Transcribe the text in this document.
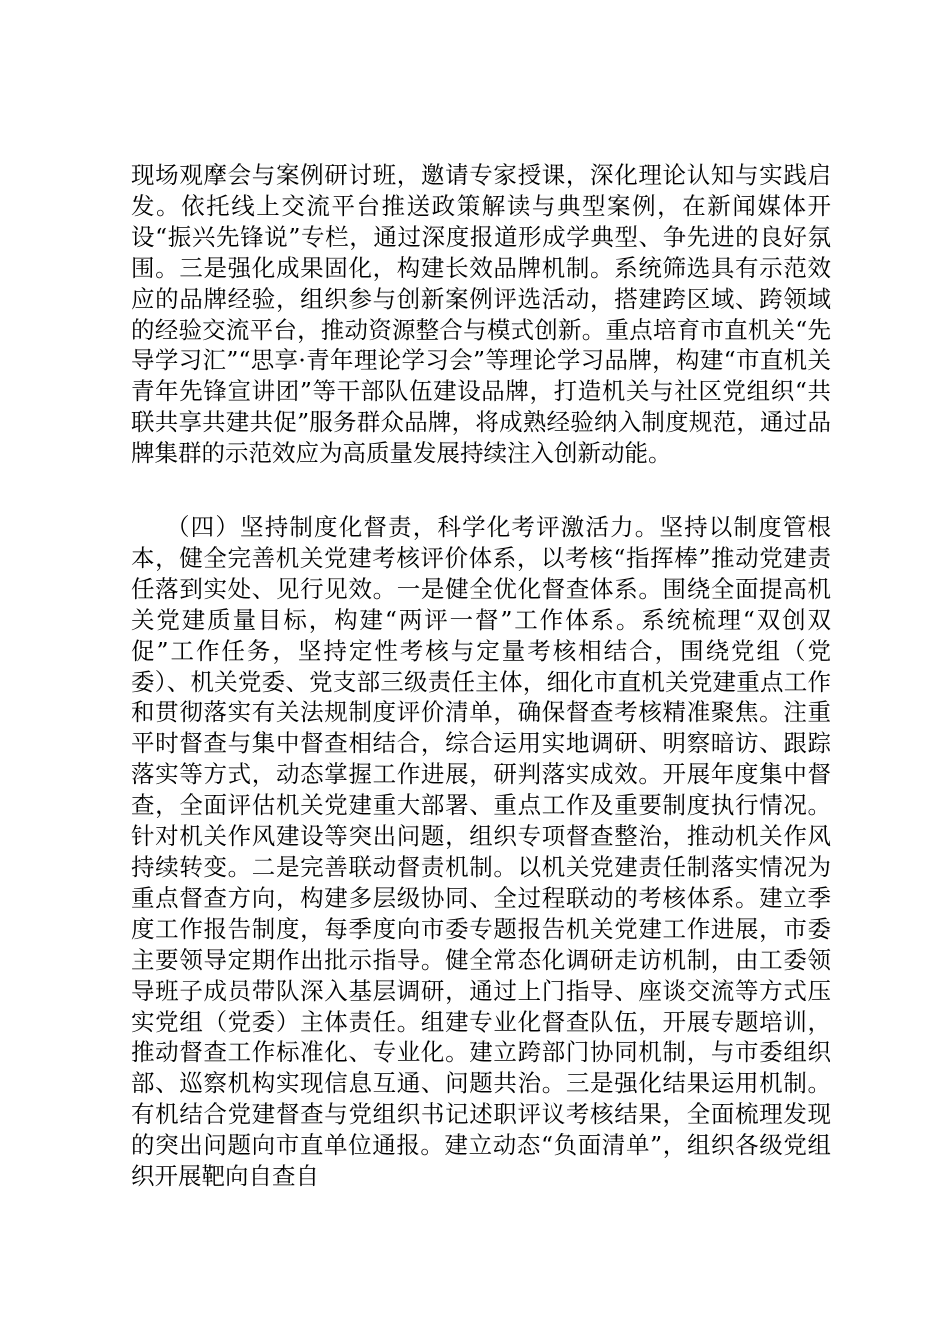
现场观摩会与案例研讨班，邀请专家授课，深化理论认知与实践启发。依托线上交流平台推送政策解读与典型案例，在新闻媒体开设“振兴先锋说”专栏，通过深度报道形成学典型、争先进的良好氛围。三是强化成果固化，构建长效品牌机制。系统筛选具有示范效应的品牌经验，组织参与创新案例评选活动，搭建跨区域、跨领域的经验交流平台，推动资源整合与模式创新。重点培育市直机关“先导学习汇”“思享·青年理论学习会”等理论学习品牌，构建“市直机关青年先锋宣讲团”等干部队伍建设品牌，打造机关与社区党组织“共联共享共建共促”服务群众品牌，将成熟经验纳入制度规范，通过品牌集群的示范效应为高质量发展持续注入创新动能。

（四）坚持制度化督责，科学化考评激活力。坚持以制度管根本，健全完善机关党建考核评价体系，以考核“指挥棒”推动党建责任落到实处、见行见效。一是健全优化督查体系。围绕全面提高机关党建质量目标，构建“两评一督”工作体系。系统梳理“双创双促”工作任务，坚持定性考核与定量考核相结合，围绕党组（党委）、机关党委、党支部三级责任主体，细化市直机关党建重点工作和贯彻落实有关法规制度评价清单，确保督查考核精准聚焦。注重平时督查与集中督查相结合，综合运用实地调研、明察暗访、跟踪落实等方式，动态掌握工作进展，研判落实成效。开展年度集中督查，全面评估机关党建重大部署、重点工作及重要制度执行情况。针对机关作风建设等突出问题，组织专项督查整治，推动机关作风持续转变。二是完善联动督责机制。以机关党建责任制落实情况为重点督查方向，构建多层级协同、全过程联动的考核体系。建立季度工作报告制度，每季度向市委专题报告机关党建工作进展，市委主要领导定期作出批示指导。健全常态化调研走访机制，由工委领导班子成员带队深入基层调研，通过上门指导、座谈交流等方式压实党组（党委）主体责任。组建专业化督查队伍，开展专题培训，推动督查工作标准化、专业化。建立跨部门协同机制，与市委组织部、巡察机构实现信息互通、问题共治。三是强化结果运用机制。有机结合党建督查与党组织书记述职评议考核结果，全面梳理发现的突出问题向市直单位通报。建立动态“负面清单”，组织各级党组织开展靶向自查自
